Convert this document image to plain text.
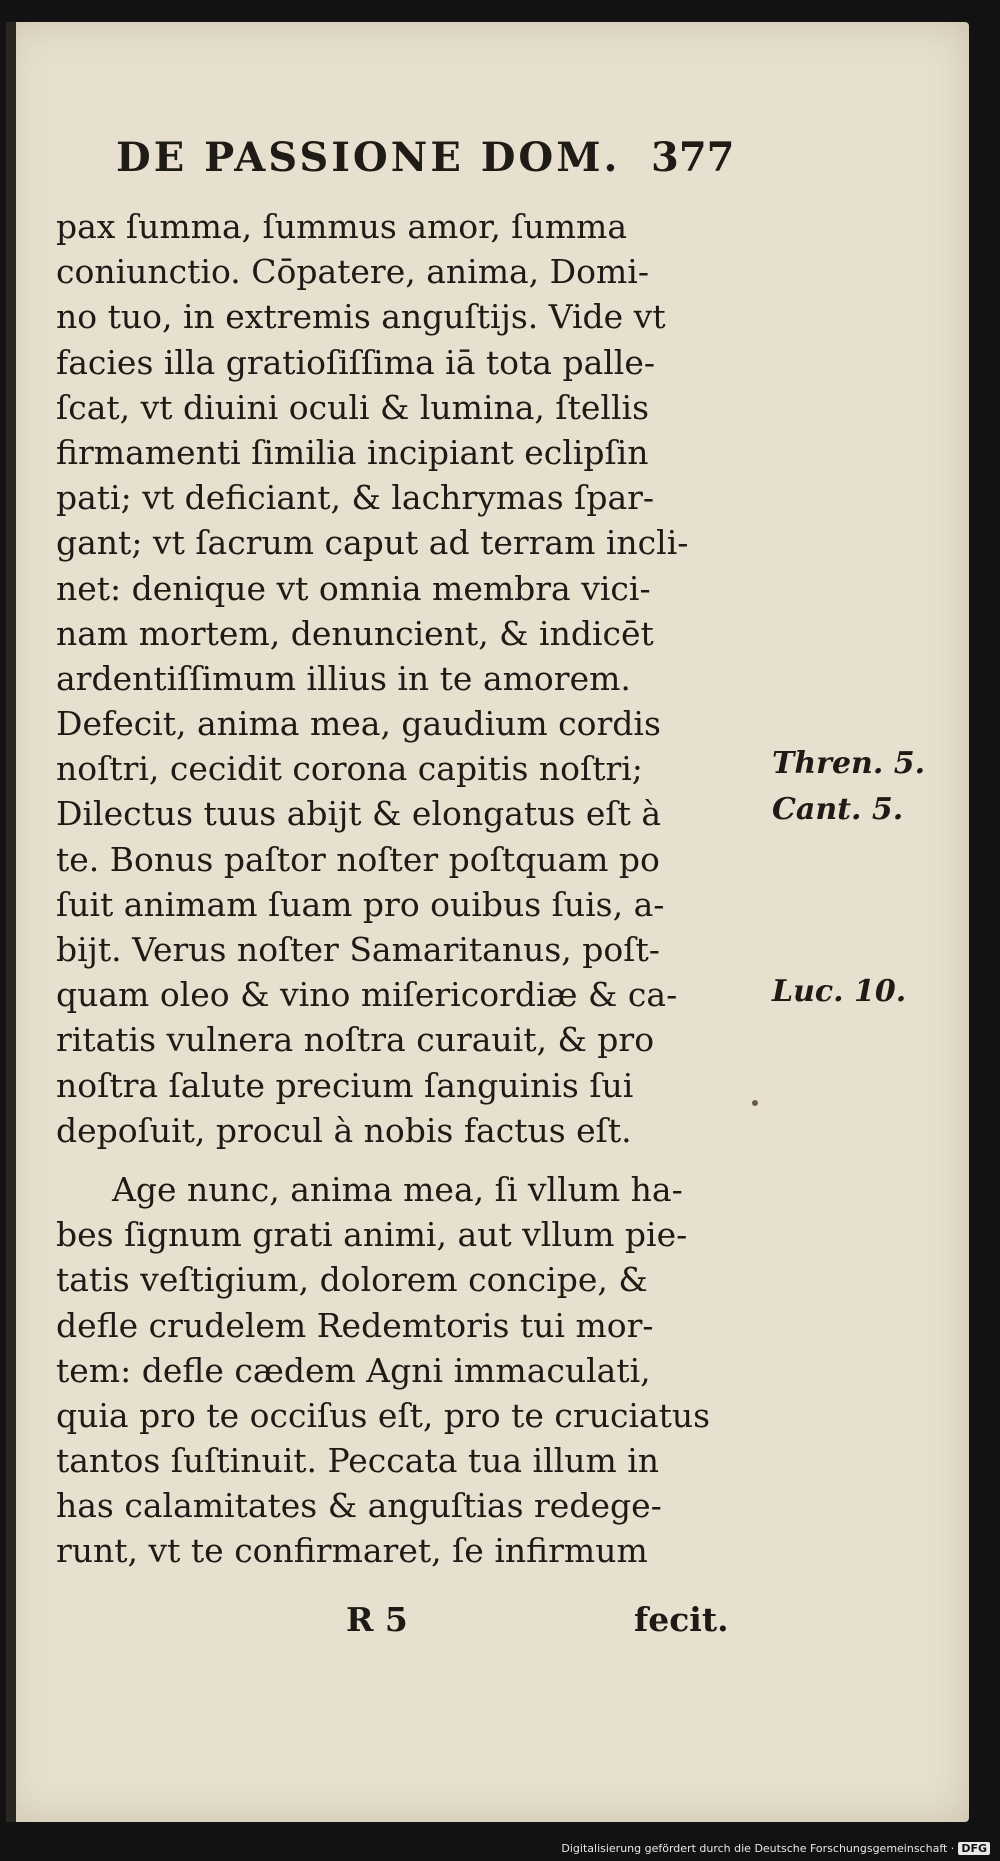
DE PASSIONE DOM. 377
pax ſumma, ſummus amor, ſumma
coniunctio. Cōpatere, anima, Domi-
no tuo, in extremis anguſtijs. Vide vt
facies illa gratioſiſſima iā tota palle-
ſcat, vt diuini oculi & lumina, ſtellis
firmamenti ſimilia incipiant eclipſin
pati; vt deficiant, & lachrymas ſpar-
gant; vt ſacrum caput ad terram incli-
net: denique vt omnia membra vici-
nam mortem, denuncient, & indicēt
ardentiſſimum illius in te amorem.
Defecit, anima mea, gaudium cordis
noſtri, cecidit corona capitis noſtri;
Dilectus tuus abijt & elongatus eſt à
te. Bonus paſtor noſter poſtquam po
ſuit animam ſuam pro ouibus ſuis, a-
bijt. Verus noſter Samaritanus, poſt-
quam oleo & vino miſericordiæ & ca-
ritatis vulnera noſtra curauit, & pro
noſtra ſalute precium ſanguinis ſui
depoſuit, procul à nobis factus eſt.
Age nunc, anima mea, ſi vllum ha-
bes ſignum grati animi, aut vllum pie-
tatis veſtigium, dolorem concipe, &
defle crudelem Redemtoris tui mor-
tem: defle cædem Agni immaculati,
quia pro te occiſus eſt, pro te cruciatus
tantos ſuſtinuit. Peccata tua illum in
has calamitates & anguſtias redege-
runt, vt te confirmaret, ſe infirmum
Thren. 5.
Cant. 5.
Luc. 10.
R 5	fecit.
Digitalisierung gefördert durch die Deutsche Forschungsgemeinschaft · DFG
